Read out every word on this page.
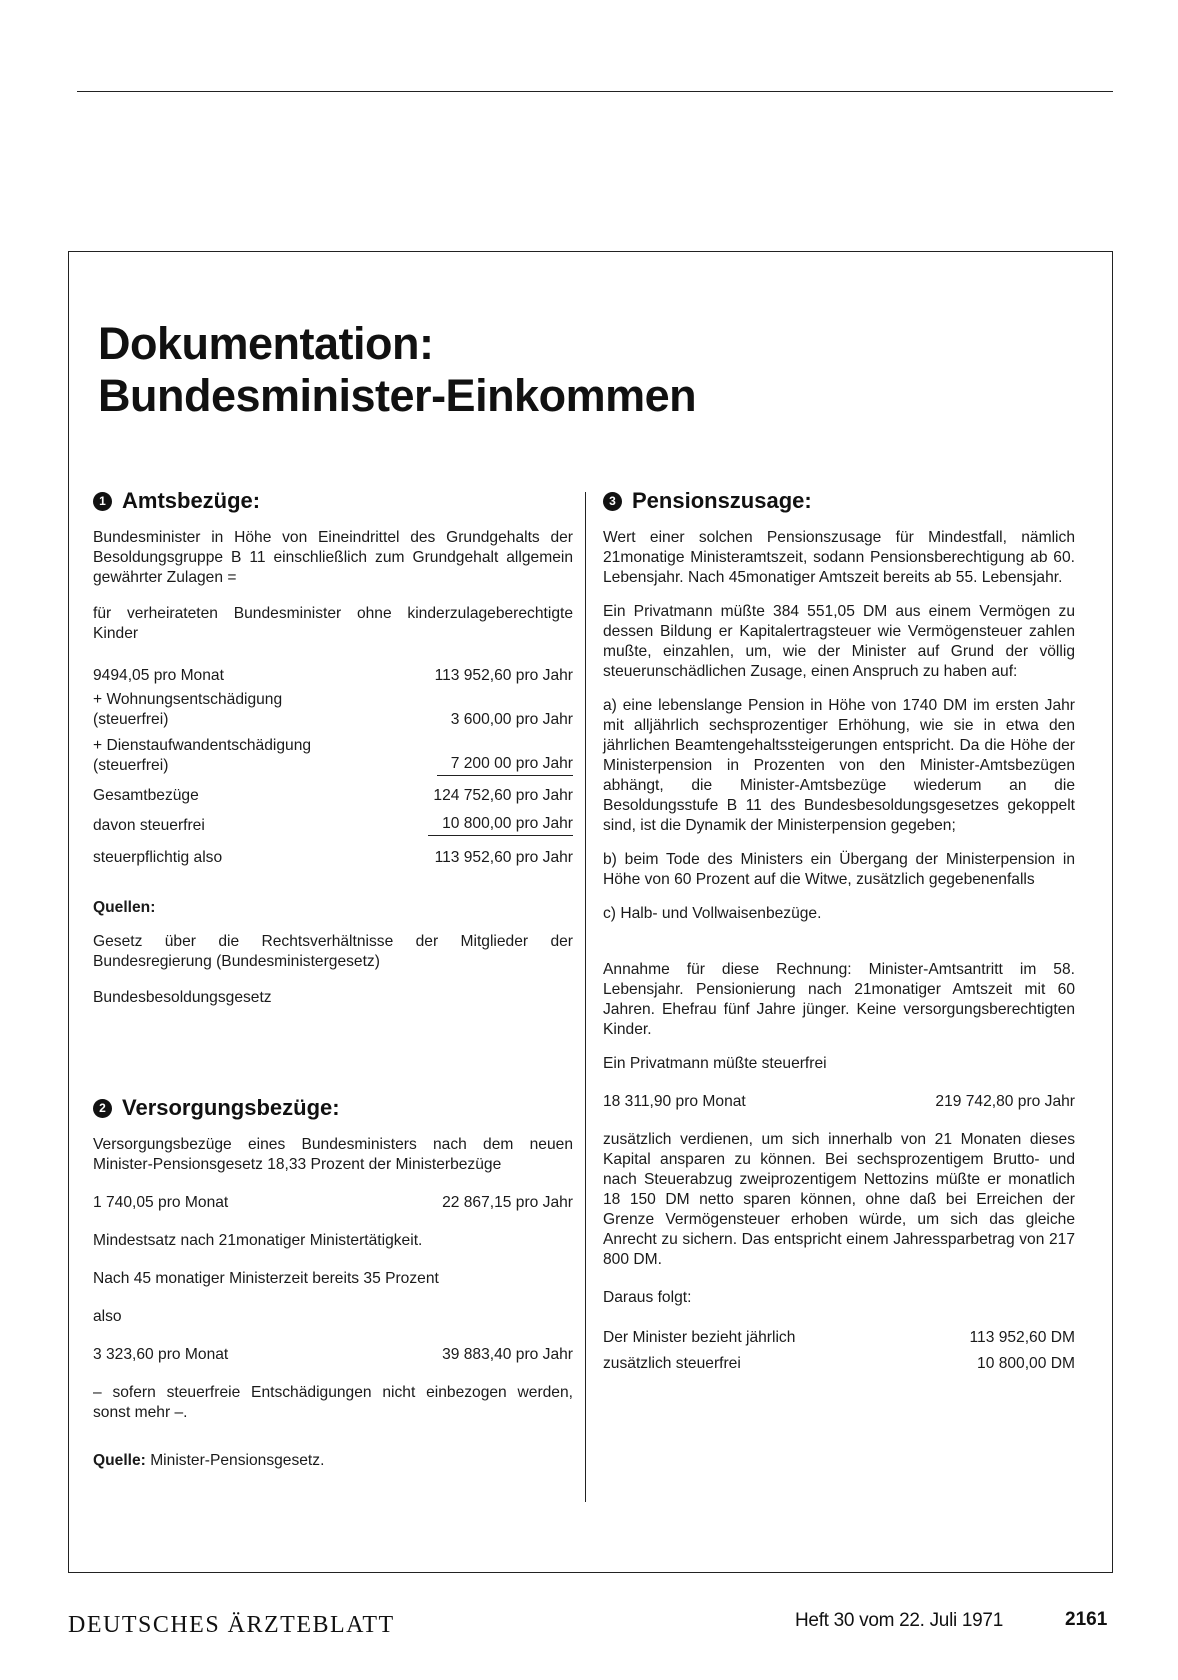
Dokumentation:
Bundesminister-Einkommen
1 Amtsbezüge:

Bundesminister in Höhe von Eineindrittel des Grundgehalts der Besoldungsgruppe B 11 einschließlich zum Grundgehalt allgemein gewährter Zulagen =

für verheirateten Bundesminister ohne kinderzulageberechtigte Kinder

9494,05 pro Monat	113 952,60 pro Jahr
+ Wohnungsentschädigung
(steuerfrei)	3 600,00 pro Jahr
+ Dienstaufwandentschädigung
(steuerfrei)	7 200 00 pro Jahr
Gesamtbezüge	124 752,60 pro Jahr
davon steuerfrei	10 800,00 pro Jahr
steuerpflichtig also	113 952,60 pro Jahr

Quellen:

Gesetz über die Rechtsverhältnisse der Mitglieder der Bundesregierung (Bundesministergesetz)

Bundesbesoldungsgesetz

2 Versorgungsbezüge:

Versorgungsbezüge eines Bundesministers nach dem neuen Minister-Pensionsgesetz 18,33 Prozent der Ministerbezüge

1 740,05 pro Monat	22 867,15 pro Jahr

Mindestsatz nach 21monatiger Ministertätigkeit.

Nach 45 monatiger Ministerzeit bereits 35 Prozent

also

3 323,60 pro Monat	39 883,40 pro Jahr

– sofern steuerfreie Entschädigungen nicht einbezogen werden, sonst mehr –.

Quelle: Minister-Pensionsgesetz.

3 Pensionszusage:

Wert einer solchen Pensionszusage für Mindestfall, nämlich 21monatige Ministeramtszeit, sodann Pensionsberechtigung ab 60. Lebensjahr. Nach 45monatiger Amtszeit bereits ab 55. Lebensjahr.

Ein Privatmann müßte 384 551,05 DM aus einem Vermögen zu dessen Bildung er Kapitalertragsteuer wie Vermögensteuer zahlen mußte, einzahlen, um, wie der Minister auf Grund der völlig steuerunschädlichen Zusage, einen Anspruch zu haben auf:

a) eine lebenslange Pension in Höhe von 1740 DM im ersten Jahr mit alljährlich sechsprozentiger Erhöhung, wie sie in etwa den jährlichen Beamtengehaltssteigerungen entspricht. Da die Höhe der Ministerpension in Prozenten von den Minister-Amtsbezügen abhängt, die Minister-Amtsbezüge wiederum an die Besoldungsstufe B 11 des Bundesbesoldungsgesetzes gekoppelt sind, ist die Dynamik der Ministerpension gegeben;

b) beim Tode des Ministers ein Übergang der Ministerpension in Höhe von 60 Prozent auf die Witwe, zusätzlich gegebenenfalls

c) Halb- und Vollwaisenbezüge.

Annahme für diese Rechnung: Minister-Amtsantritt im 58. Lebensjahr. Pensionierung nach 21monatiger Amtszeit mit 60 Jahren. Ehefrau fünf Jahre jünger. Keine versorgungsberechtigten Kinder.

Ein Privatmann müßte steuerfrei

18 311,90 pro Monat	219 742,80 pro Jahr

zusätzlich verdienen, um sich innerhalb von 21 Monaten dieses Kapital ansparen zu können. Bei sechsprozentigem Brutto- und nach Steuerabzug zweiprozentigem Nettozins müßte er monatlich 18 150 DM netto sparen können, ohne daß bei Erreichen der Grenze Vermögensteuer erhoben würde, um sich das gleiche Anrecht zu sichern. Das entspricht einem Jahressparbetrag von 217 800 DM.

Daraus folgt:

Der Minister bezieht jährlich	113 952,60 DM
zusätzlich steuerfrei	10 800,00 DM
DEUTSCHES ÄRZTEBLATT	Heft 30 vom 22. Juli 1971	2161
